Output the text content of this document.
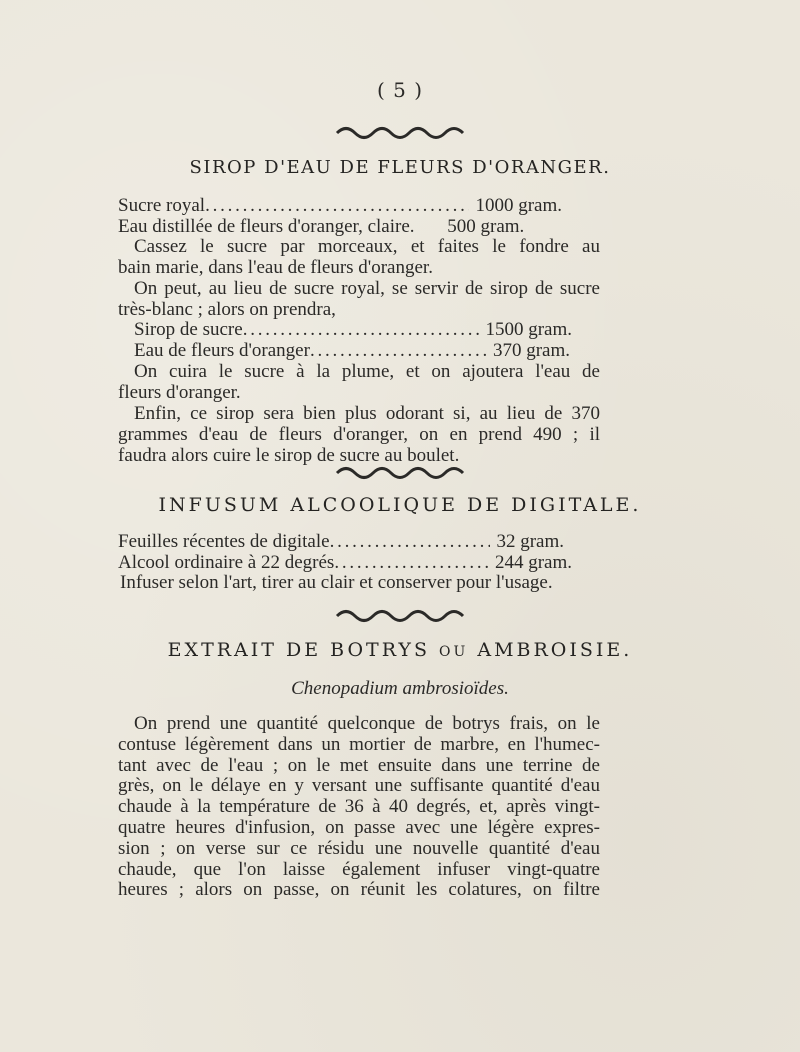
( 5 )
SIROP D'EAU DE FLEURS D'ORANGER.
Sucre royal . . .	1000 gram.
Eau distillée de fleurs d'oranger, claire. 500 gram.
Cassez le sucre par morceaux, et faites le fondre au
bain marie, dans l'eau de fleurs d'oranger.
On peut, au lieu de sucre royal, se servir de sirop de sucre
très-blanc ; alors on prendra,
Sirop de sucre . . .	1500 gram.
Eau de fleurs d'oranger . . .	370 gram.
On cuira le sucre à la plume, et on ajoutera l'eau de
fleurs d'oranger.
Enfin, ce sirop sera bien plus odorant si, au lieu de 370
grammes d'eau de fleurs d'oranger, on en prend 490 ; il
faudra alors cuire le sirop de sucre au boulet.
INFUSUM ALCOOLIQUE DE DIGITALE.
Feuilles récentes de digitale . . .	32 gram.
Alcool ordinaire à 22 degrés . . .	244 gram.
Infuser selon l'art, tirer au clair et conserver pour l'usage.
EXTRAIT DE BOTRYS OU AMBROISIE.
Chenopadium ambrosioïdes.
On prend une quantité quelconque de botrys frais, on le
contuse légèrement dans un mortier de marbre, en l'humec-
tant avec de l'eau ; on le met ensuite dans une terrine de
grès, on le délaye en y versant une suffisante quantité d'eau
chaude à la température de 36 à 40 degrés, et, après vingt-
quatre heures d'infusion, on passe avec une légère expres-
sion ; on verse sur ce résidu une nouvelle quantité d'eau
chaude, que l'on laisse également infuser vingt-quatre
heures ; alors on passe, on réunit les colatures, on filtre
